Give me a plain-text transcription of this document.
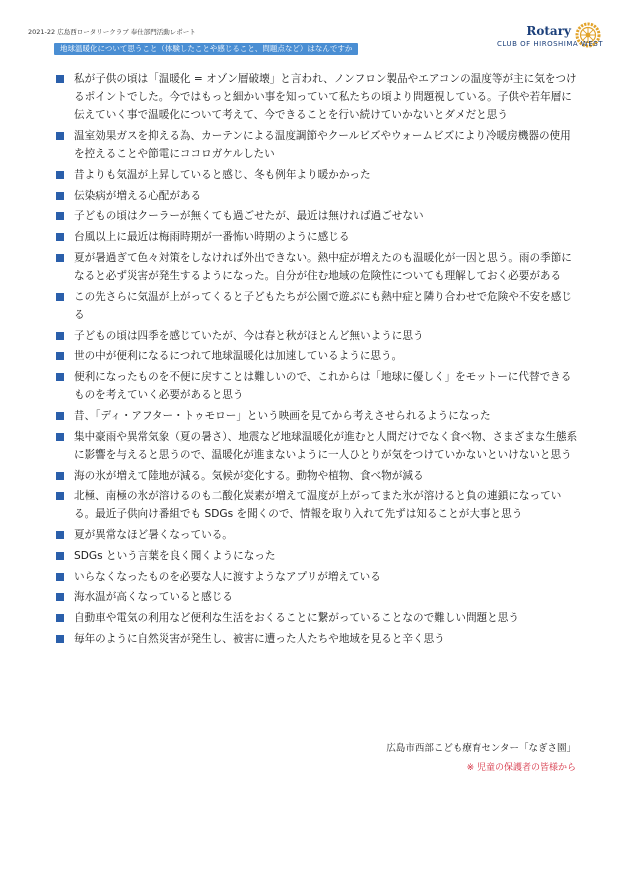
2021-22 広島西ロータリークラブ 奉仕部門活動レポート	Rotary
CLUB OF HIROSHIMA WEST
地球温暖化について思うこと（体験したことや感じること、問題点など）はなんですか
私が子供の頃は「温暖化 = オゾン層破壊」と言われ、ノンフロン製品やエアコンの温度等が主に気をつけるポイントでした。今ではもっと細かい事を知っていて私たちの頃より問題視している。子供や若年層に伝えていく事で温暖化について考えて、今できることを行い続けていかないとダメだと思う
温室効果ガスを抑える為、カーテンによる温度調節やクールビズやウォームビズにより冷暖房機器の使用を控えることや節電にココロガケルしたい
昔よりも気温が上昇していると感じ、冬も例年より暖かかった
伝染病が増える心配がある
子どもの頃はクーラーが無くても過ごせたが、最近は無ければ過ごせない
台風以上に最近は梅雨時期が一番怖い時期のように感じる
夏が暑過ぎて色々対策をしなければ外出できない。熱中症が増えたのも温暖化が一因と思う。雨の季節になると必ず災害が発生するようになった。自分が住む地域の危険性についても理解しておく必要がある
この先さらに気温が上がってくると子どもたちが公園で遊ぶにも熱中症と隣り合わせで危険や不安を感じる
子どもの頃は四季を感じていたが、今は春と秋がほとんど無いように思う
世の中が便利になるにつれて地球温暖化は加速しているように思う。
便利になったものを不便に戻すことは難しいので、これからは「地球に優しく」をモットーに代替できるものを考えていく必要があると思う
昔、「ディ・アフター・トゥモロー」という映画を見てから考えさせられるようになった
集中豪雨や異常気象（夏の暑さ）、地震など地球温暖化が進むと人間だけでなく食べ物、さまざまな生態系に影響を与えると思うので、温暖化が進まないように一人ひとりが気をつけていかないといけないと思う
海の氷が増えて陸地が減る。気候が変化する。動物や植物、食べ物が減る
北極、南極の氷が溶けるのも二酸化炭素が増えて温度が上がってまた氷が溶けると負の連鎖になっている。最近子供向け番組でも SDGs を聞くので、情報を取り入れて先ずは知ることが大事と思う
夏が異常なほど暑くなっている。
SDGs という言葉を良く聞くようになった
いらなくなったものを必要な人に渡すようなアプリが増えている
海水温が高くなっていると感じる
自動車や電気の利用など便利な生活をおくることに繋がっていることなので難しい問題と思う
毎年のように自然災害が発生し、被害に遭った人たちや地域を見ると辛く思う
広島市西部こども療育センター「なぎさ園」
※ 児童の保護者の皆様から
